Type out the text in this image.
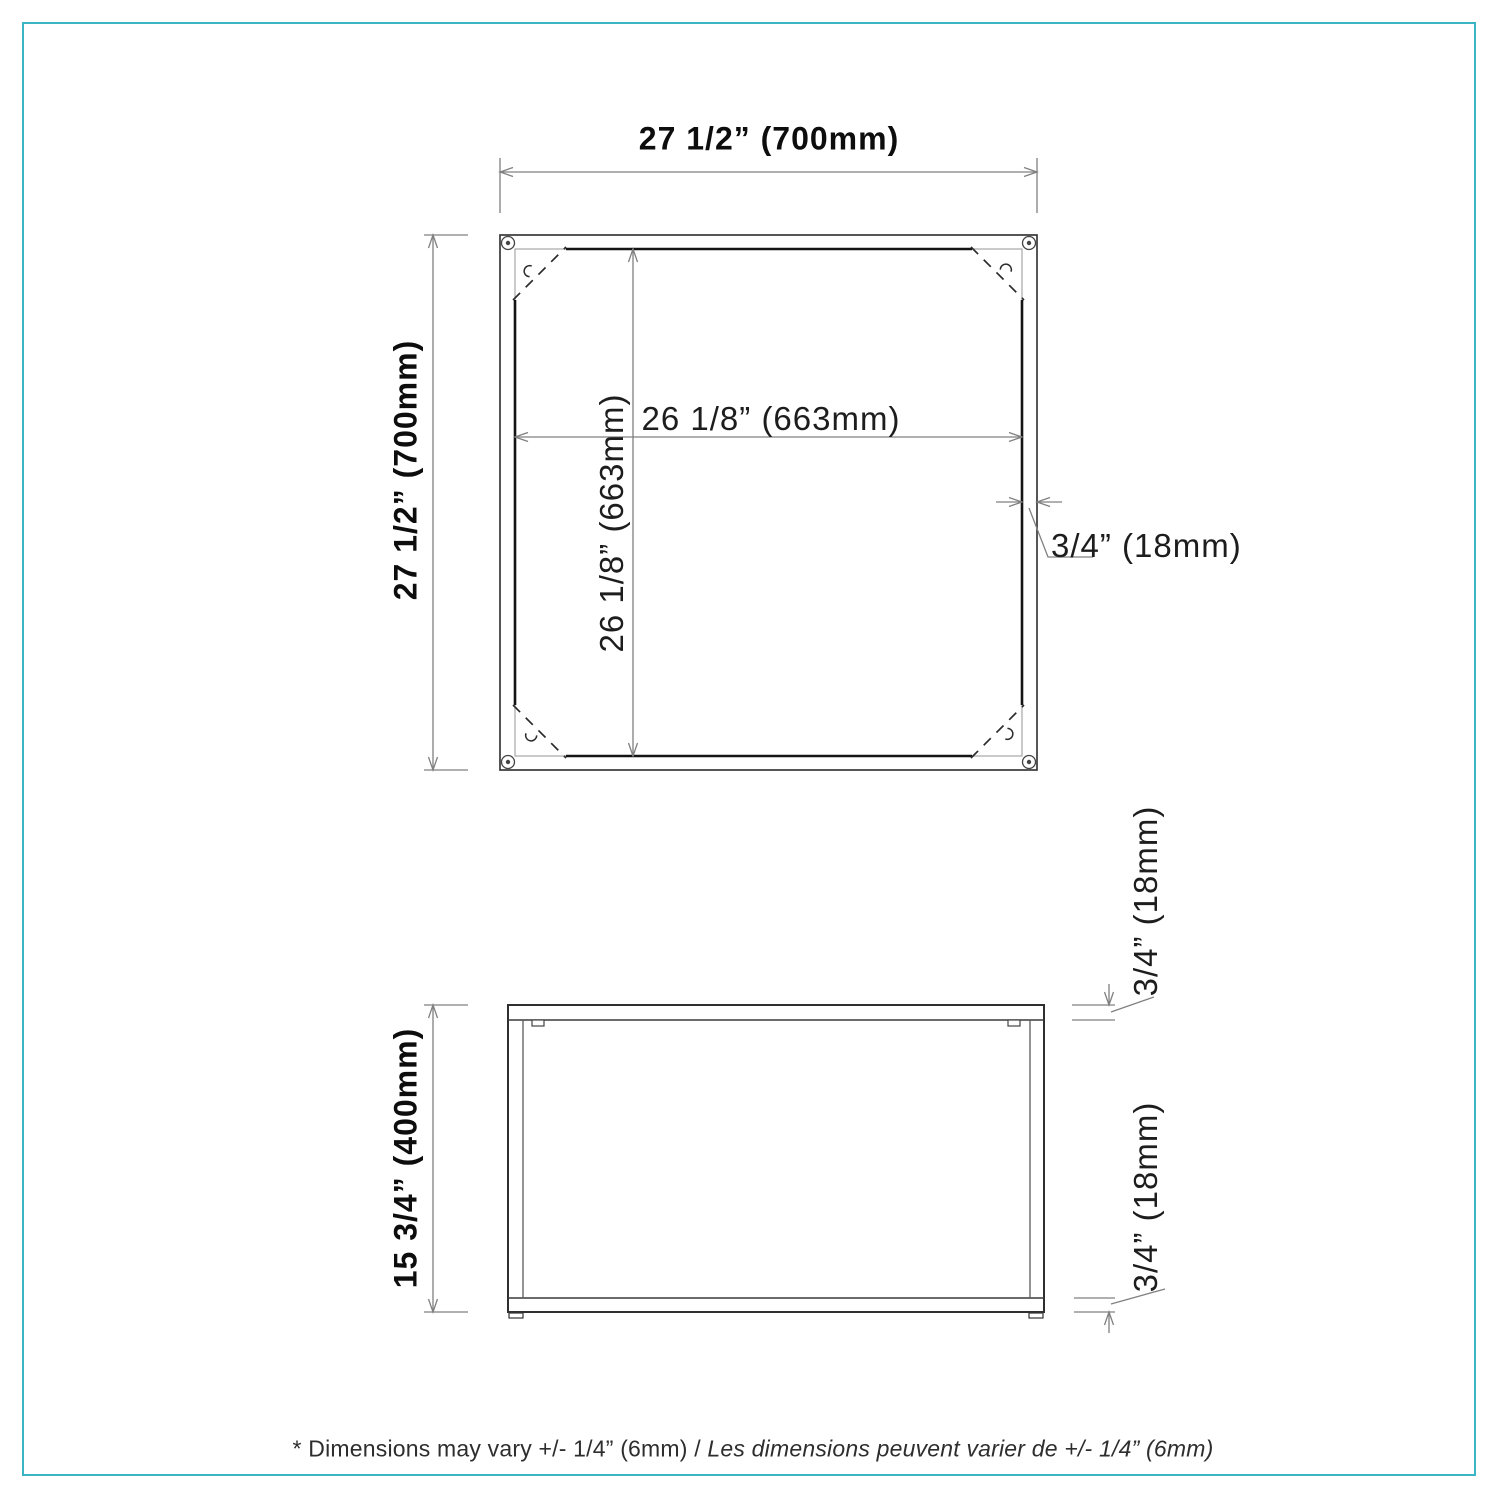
27 1/2” (700mm)
27 1/2” (700mm)	26 1/8” (663mm)
26 1/8” (663mm)	3/4” (18mm)
15 3/4” (400mm)
3/4” (18mm)
3/4” (18mm)
* Dimensions may vary +/- 1/4” (6mm) / Les dimensions peuvent varier de +/- 1/4” (6mm)
